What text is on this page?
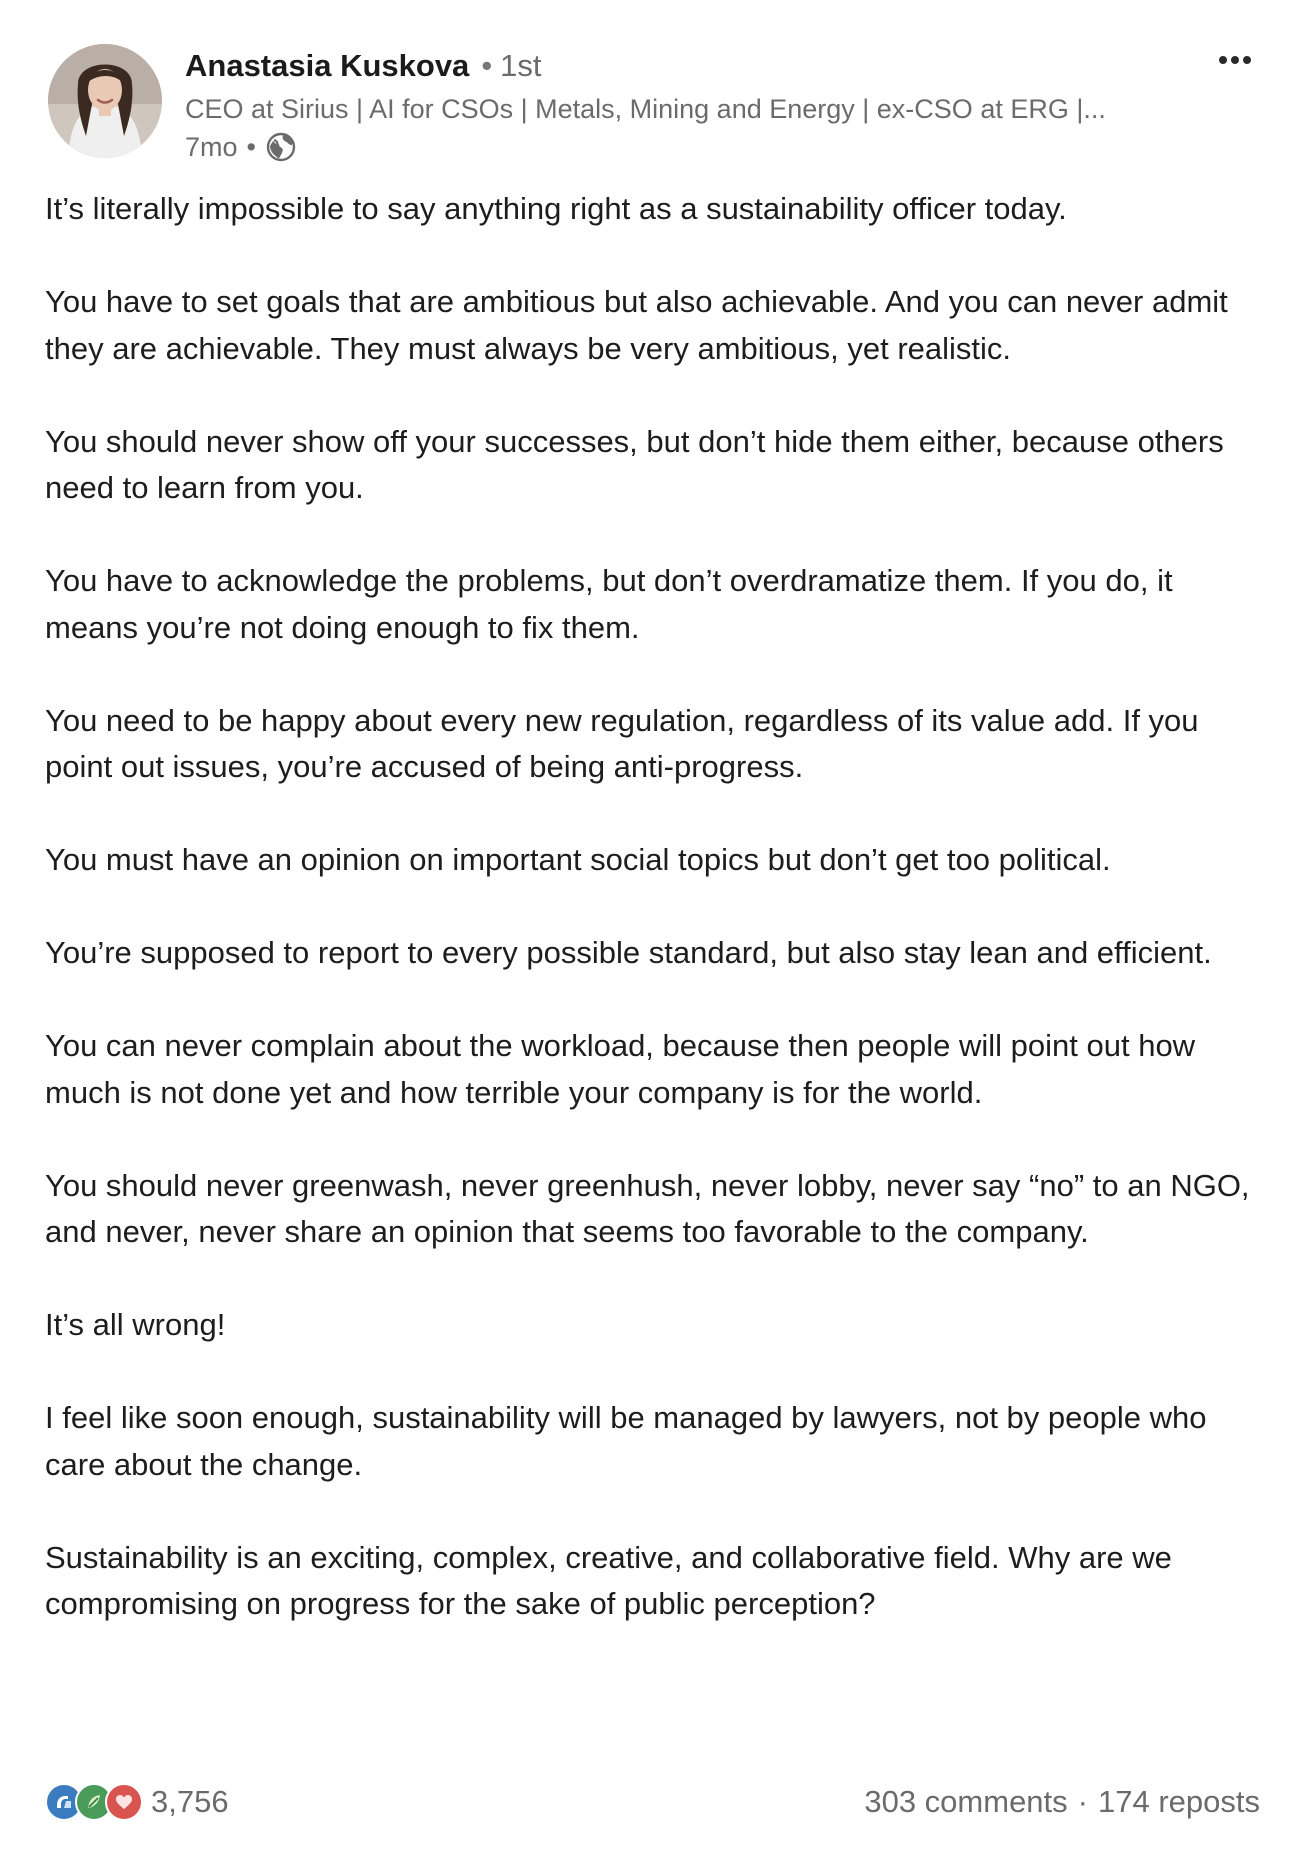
Anastasia Kuskova • 1st
CEO at Sirius | AI for CSOs | Metals, Mining and Energy | ex-CSO at ERG |...
7mo •

It’s literally impossible to say anything right as a sustainability officer today.

You have to set goals that are ambitious but also achievable. And you can never admit they are achievable. They must always be very ambitious, yet realistic.

You should never show off your successes, but don’t hide them either, because others need to learn from you.

You have to acknowledge the problems, but don’t overdramatize them. If you do, it means you’re not doing enough to fix them.

You need to be happy about every new regulation, regardless of its value add. If you point out issues, you’re accused of being anti-progress.

You must have an opinion on important social topics but don’t get too political.

You’re supposed to report to every possible standard, but also stay lean and efficient.

You can never complain about the workload, because then people will point out how much is not done yet and how terrible your company is for the world.

You should never greenwash, never greenhush, never lobby, never say “no” to an NGO, and never, never share an opinion that seems too favorable to the company.

It’s all wrong!

I feel like soon enough, sustainability will be managed by lawyers, not by people who care about the change.

Sustainability is an exciting, complex, creative, and collaborative field. Why are we compromising on progress for the sake of public perception?

3,756	303 comments · 174 reposts
